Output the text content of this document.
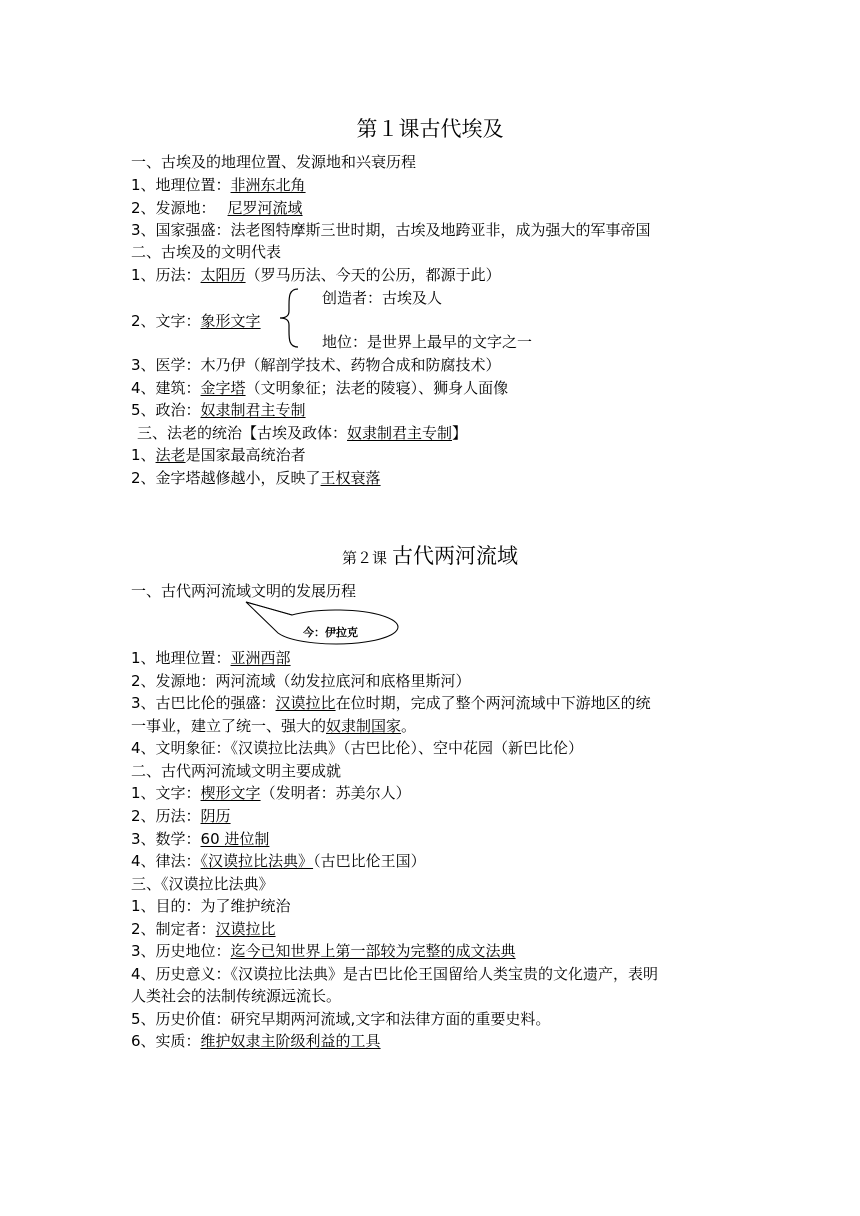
第１课古代埃及
一、古埃及的地理位置、发源地和兴衰历程
1、地理位置：非洲东北角
2、发源地： 尼罗河流域
3、国家强盛：法老图特摩斯三世时期，古埃及地跨亚非，成为强大的军事帝国
二、古埃及的文明代表
1、历法：太阳历（罗马历法、今天的公历，都源于此）
创造者：古埃及人
2、文字：象形文字
地位：是世界上最早的文字之一
3、医学：木乃伊（解剖学技术、药物合成和防腐技术）
4、建筑：金字塔（文明象征；法老的陵寝）、狮身人面像
5、政治：奴隶制君主专制
三、法老的统治【古埃及政体：奴隶制君主专制】
1、法老是国家最高统治者
2、金字塔越修越小，反映了王权衰落
第２课 古代两河流域
一、古代两河流域文明的发展历程
今：伊拉克
1、地理位置：亚洲西部
2、发源地：两河流域（幼发拉底河和底格里斯河）
3、古巴比伦的强盛：汉谟拉比在位时期，完成了整个两河流域中下游地区的统
一事业，建立了统一、强大的奴隶制国家。
4、文明象征：《汉谟拉比法典》（古巴比伦）、空中花园（新巴比伦）
二、古代两河流域文明主要成就
1、文字：楔形文字（发明者：苏美尔人）
2、历法：阴历
3、数学：60 进位制
4、律法：《汉谟拉比法典》（古巴比伦王国）
三、《汉谟拉比法典》
1、目的：为了维护统治
2、制定者：汉谟拉比
3、历史地位：迄今已知世界上第一部较为完整的成文法典
4、历史意义：《汉谟拉比法典》是古巴比伦王国留给人类宝贵的文化遗产，表明
人类社会的法制传统源远流长。
5、历史价值：研究早期两河流域,文字和法律方面的重要史料。
6、实质：维护奴隶主阶级利益的工具
